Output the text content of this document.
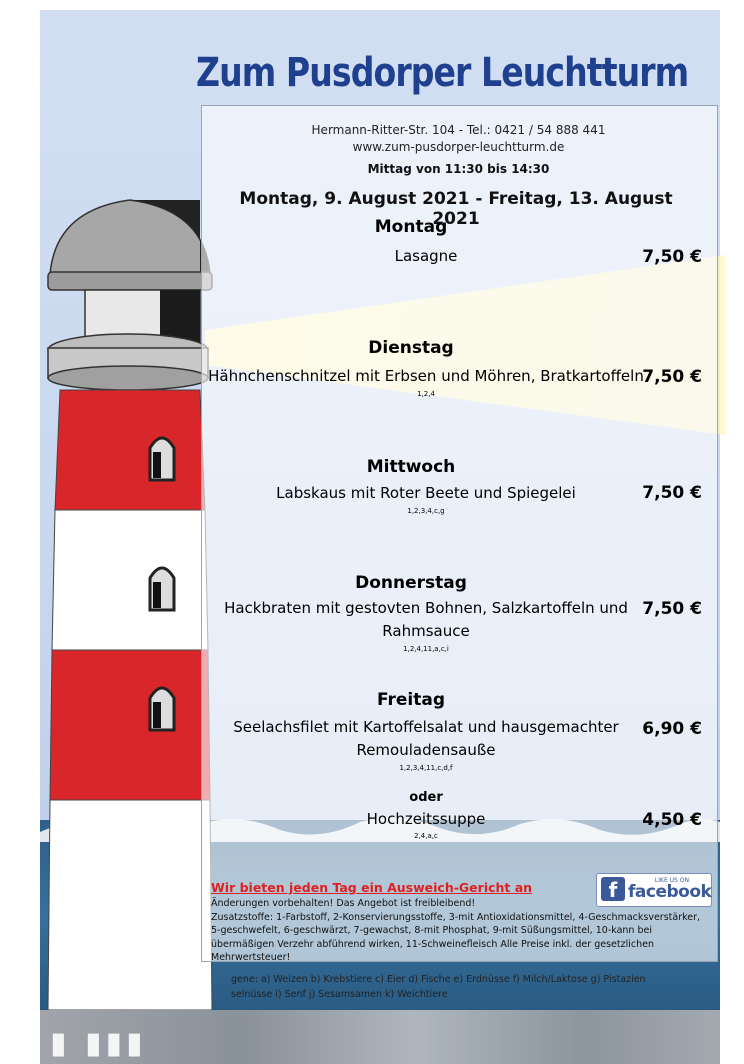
▮ ▮▮▮
Zum Pusdorper Leuchtturm
Hermann-Ritter-Str. 104 - Tel.: 0421 / 54 888 441
www.zum-pusdorper-leuchtturm.de
Mittag von 11:30 bis 14:30
Montag, 9. August 2021 - Freitag, 13. August 2021
Montag
Lasagne	7,50 €
Dienstag
Hähnchenschnitzel mit Erbsen und Möhren, Bratkartoffeln
1,2,4
7,50 €
Mittwoch
Labskaus mit Roter Beete und Spiegelei
1,2,3,4,c,g
7,50 €
Donnerstag
Hackbraten mit gestovten Bohnen, Salzkartoffeln und
Rahmsauce
1,2,4,11,a,c,i
7,50 €
Freitag
Seelachsfilet mit Kartoffelsalat und hausgemachter
Remouladensauße
1,2,3,4,11,c,d,f
6,90 €
oder
Hochzeitssuppe
2,4,a,c
4,50 €
Wir bieten jeden Tag ein Ausweich-Gericht an
Änderungen vorbehalten! Das Angebot ist freibleibend!
Zusatzstoffe: 1-Farbstoff, 2-Konservierungsstoffe, 3-mit Antioxidationsmittel, 4-Geschmacksverstärker, 5-geschwefelt, 6-geschwärzt, 7-gewachst, 8-mit Phosphat, 9-mit Süßungsmittel, 10-kann bei übermäßigen Verzehr abführend wirken, 11-Schweinefleisch Alle Preise inkl. der gesetzlichen Mehrwertsteuer!
gene: a) Weizen b) Krebstiere c) Eier d) Fische e) Erdnüsse f) Milch/Laktose g) Pistazien
selnüsse i) Senf j) Sesamsamen k) Weichtiere
LIKE US ON
f facebook
